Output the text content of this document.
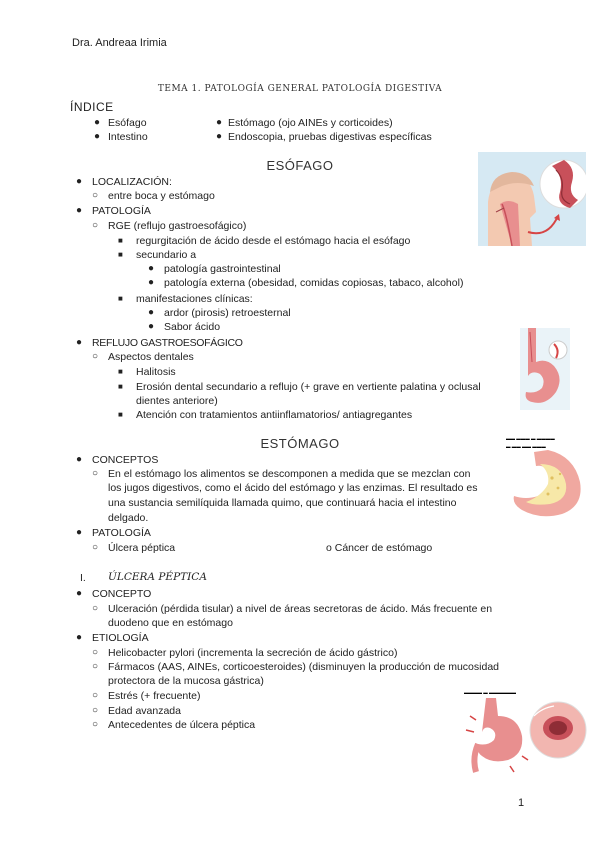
Dra. Andreaa Irimia
TEMA 1. PATOLOGÍA GENERAL PATOLOGÍA DIGESTIVA
ÍNDICE
● Esófago	● Estómago (ojo AINEs y corticoides)
● Intestino	● Endoscopia, pruebas digestivas específicas
ESÓFAGO
● LOCALIZACIÓN:
○ entre boca y estómago
● PATOLOGÍA
○ RGE (reflujo gastroesofágico)
■ regurgitación de ácido desde el estómago hacia el esófago
■ secundario a
● patología gastrointestinal
● patología externa (obesidad, comidas copiosas, tabaco, alcohol)
■ manifestaciones clínicas:
● ardor (pirosis) retroesternal
● Sabor ácido
● REFLUJO GASTROESOFÁGICO
○ Aspectos dentales
■ Halitosis
■ Erosión dental secundario a reflujo (+ grave en vertiente palatina y oclusal
dientes anteriore)
■ Atención con tratamientos antiinflamatorios/ antiagregantes
ESTÓMAGO
● CONCEPTOS
○ En el estómago los alimentos se descomponen a medida que se mezclan con
los jugos digestivos, como el ácido del estómago y las enzimas. El resultado es
una sustancia semilíquida llamada quimo, que continuará hacia el intestino
delgado.
● PATOLOGÍA
○ Úlcera péptica	o Cáncer de estómago
I. ÚLCERA PÉPTICA
● CONCEPTO
○ Ulceración (pérdida tisular) a nivel de áreas secretoras de ácido. Más frecuente en
duodeno que en estómago
● ETIOLOGÍA
○ Helicobacter pylori (incrementa la secreción de ácido gástrico)
○ Fármacos (AAS, AINEs, corticoesteroides) (disminuyen la producción de mucosidad
protectora de la mucosa gástrica)
○ Estrés (+ frecuente)
○ Edad avanzada
○ Antecedentes de úlcera péptica
1
▬▬ ▬▬▬ ▬ ▬▬▬▬
▬ ▬▬ ▬▬ ▬▬▬
▬▬▬▬ ▬ ▬▬▬▬▬▬
